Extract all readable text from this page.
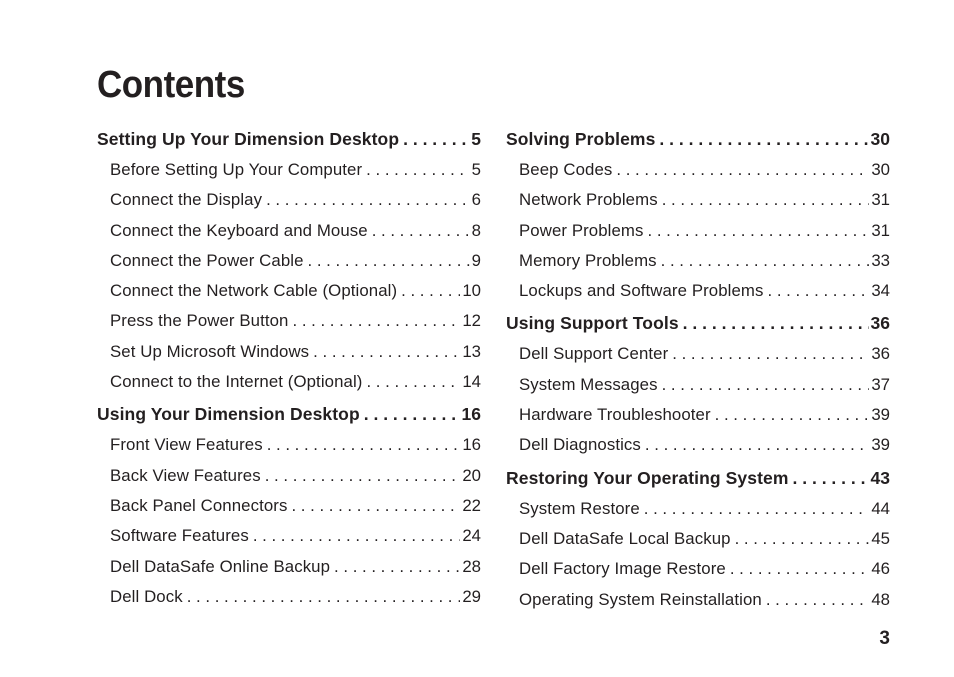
Contents
Setting Up Your Dimension Desktop . . .	5
Before Setting Up Your Computer . . .	5
Connect the Display . . .	6
Connect the Keyboard and Mouse . . .	8
Connect the Power Cable . . .	9
Connect the Network Cable (Optional) . . .	10
Press the Power Button . . .	12
Set Up Microsoft Windows . . .	13
Connect to the Internet (Optional) . . .	14
Using Your Dimension Desktop . . .	16
Front View Features . . .	16
Back View Features . . .	20
Back Panel Connectors . . .	22
Software Features . . .	24
Dell DataSafe Online Backup . . .	28
Dell Dock . . .	29
Solving Problems . . .	30
Beep Codes . . .	30
Network Problems . . .	31
Power Problems . . .	31
Memory Problems . . .	33
Lockups and Software Problems . . .	34
Using Support Tools . . .	36
Dell Support Center . . .	36
System Messages . . .	37
Hardware Troubleshooter . . .	39
Dell Diagnostics . . .	39
Restoring Your Operating System . . .	43
System Restore . . .	44
Dell DataSafe Local Backup . . .	45
Dell Factory Image Restore . . .	46
Operating System Reinstallation . . .	48
3
